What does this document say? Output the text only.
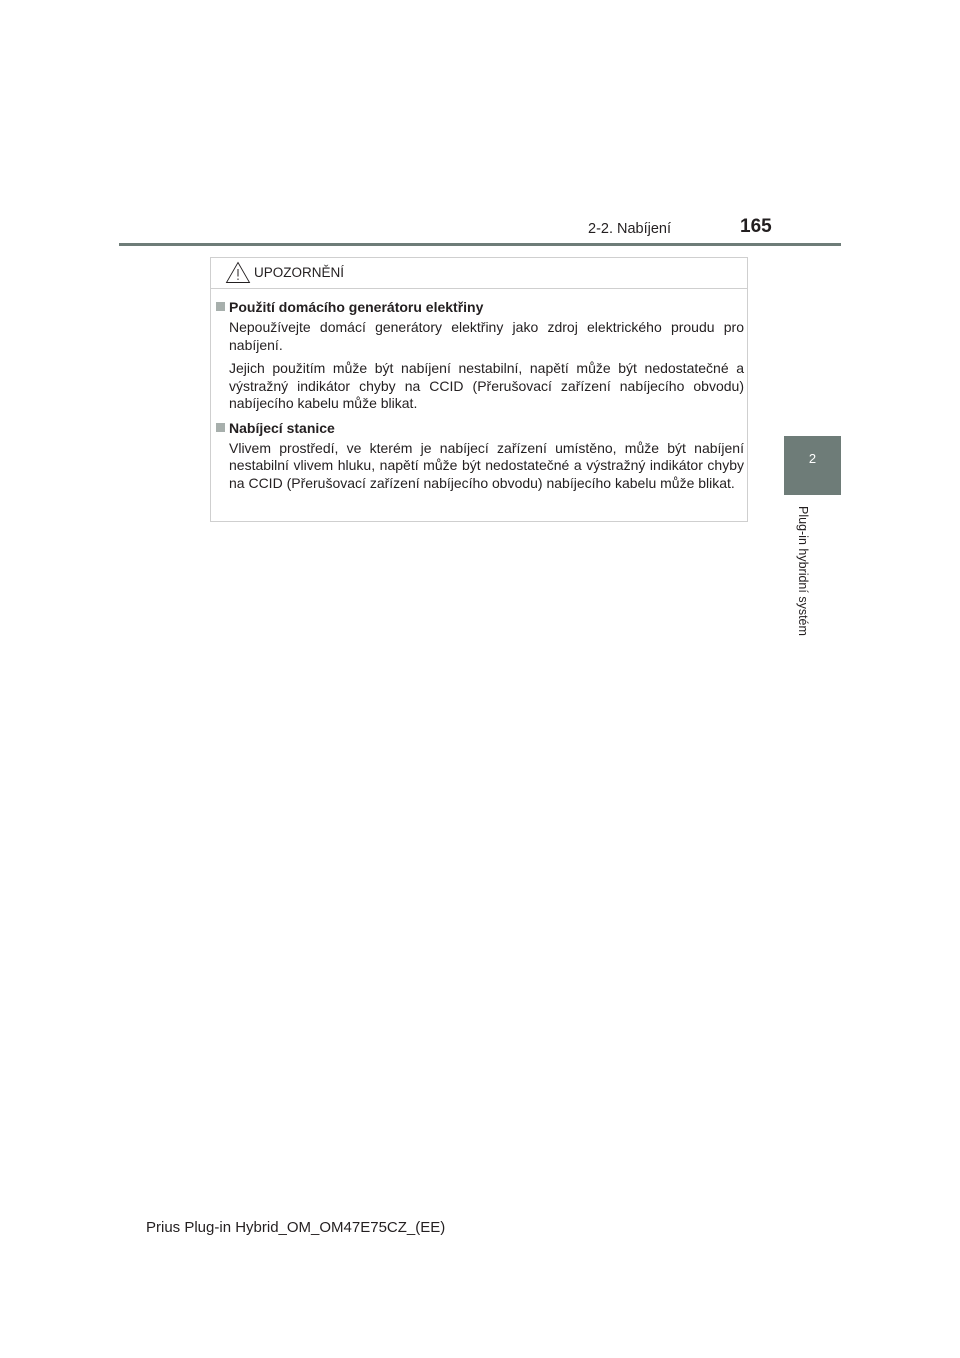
2-2. Nabíjení	165
2
Plug-in hybridní systém
UPOZORNĚNÍ
Použití domácího generátoru elektřiny

Nepoužívejte domácí generátory elektřiny jako zdroj elektrického proudu pro nabíjení.

Jejich použitím může být nabíjení nestabilní, napětí může být nedostatečné a výstražný indikátor chyby na CCID (Přerušovací zařízení nabíjecího obvodu) nabíjecího kabelu může blikat.

Nabíjecí stanice

Vlivem prostředí, ve kterém je nabíjecí zařízení umístěno, může být nabíjení nestabilní vlivem hluku, napětí může být nedostatečné a výstražný indikátor chyby na CCID (Přerušovací zařízení nabíjecího obvodu) nabíjecího kabelu může blikat.

Prius Plug-in Hybrid_OM_OM47E75CZ_(EE)
